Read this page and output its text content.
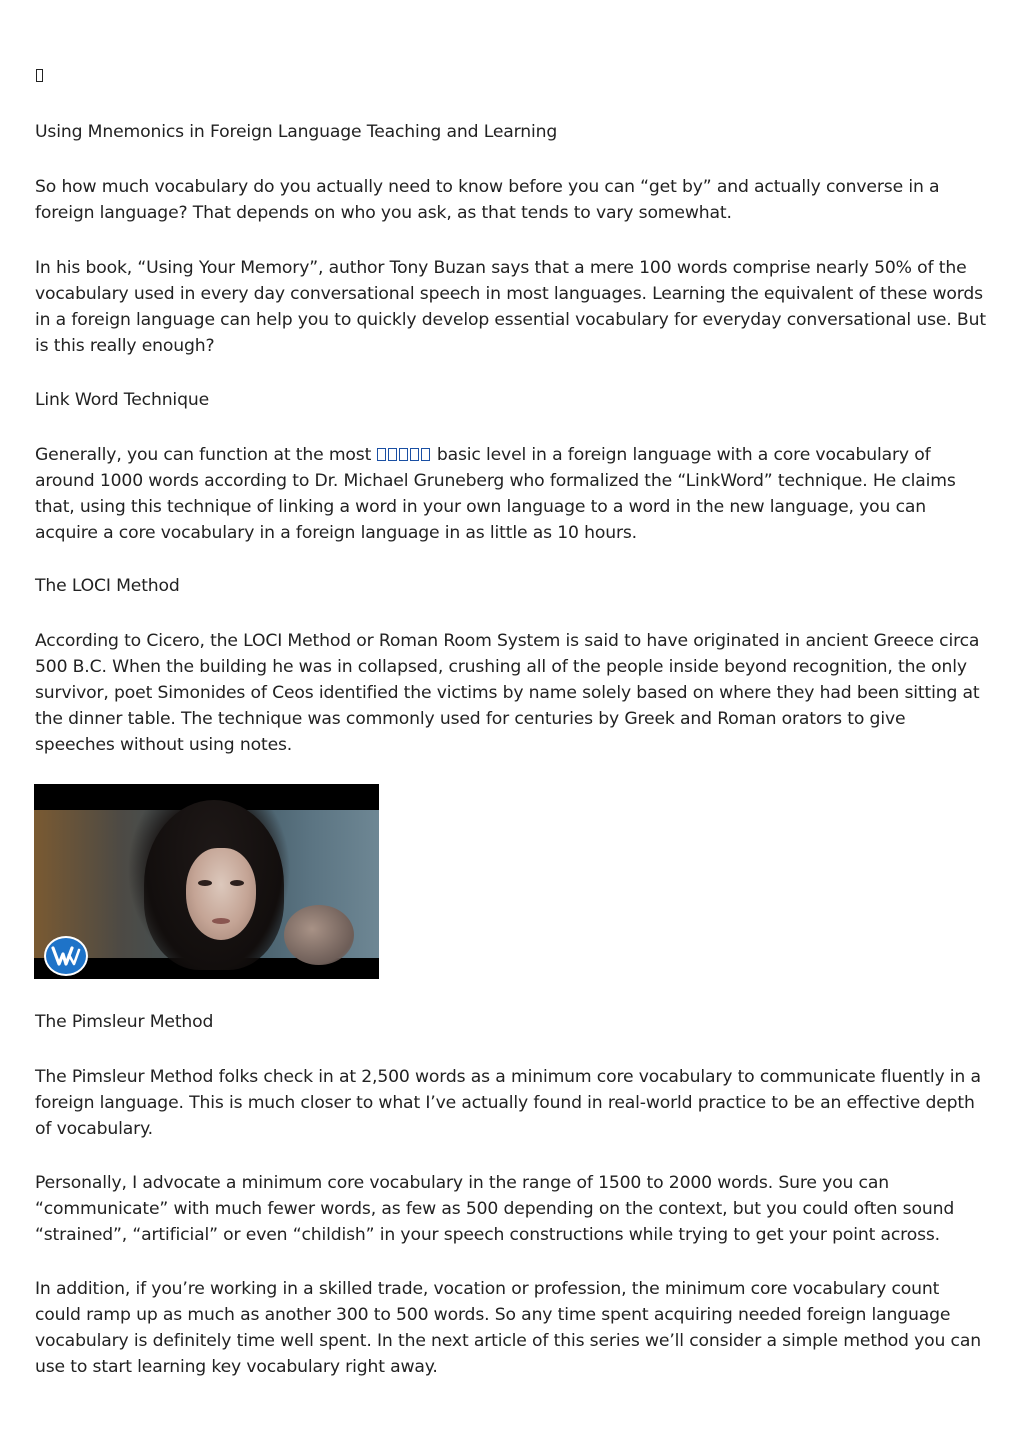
Using Mnemonics in Foreign Language Teaching and Learning

So how much vocabulary do you actually need to know before you can “get by” and actually converse in a foreign language? That depends on who you ask, as that tends to vary somewhat.

In his book, “Using Your Memory”, author Tony Buzan says that a mere 100 words comprise nearly 50% of the vocabulary used in every day conversational speech in most languages. Learning the equivalent of these words in a foreign language can help you to quickly develop essential vocabulary for everyday conversational use. But is this really enough?

Link Word Technique

Generally, you can function at the most	basic level in a foreign language with a core vocabulary of around 1000 words according to Dr. Michael Gruneberg who formalized the “LinkWord” technique. He claims that, using this technique of linking a word in your own language to a word in the new language, you can acquire a core vocabulary in a foreign language in as little as 10 hours.

The LOCI Method

According to Cicero, the LOCI Method or Roman Room System is said to have originated in ancient Greece circa 500 B.C. When the building he was in collapsed, crushing all of the people inside beyond recognition, the only survivor, poet Simonides of Ceos identified the victims by name solely based on where they had been sitting at the dinner table. The technique was commonly used for centuries by Greek and Roman orators to give speeches without using notes.

The Pimsleur Method

The Pimsleur Method folks check in at 2,500 words as a minimum core vocabulary to communicate fluently in a foreign language. This is much closer to what I’ve actually found in real-world practice to be an effective depth of vocabulary.

Personally, I advocate a minimum core vocabulary in the range of 1500 to 2000 words. Sure you can “communicate” with much fewer words, as few as 500 depending on the context, but you could often sound “strained”, “artificial” or even “childish” in your speech constructions while trying to get your point across.

In addition, if you’re working in a skilled trade, vocation or profession, the minimum core vocabulary count could ramp up as much as another 300 to 500 words. So any time spent acquiring needed foreign language vocabulary is definitely time well spent. In the next article of this series we’ll consider a simple method you can use to start learning key vocabulary right away.
